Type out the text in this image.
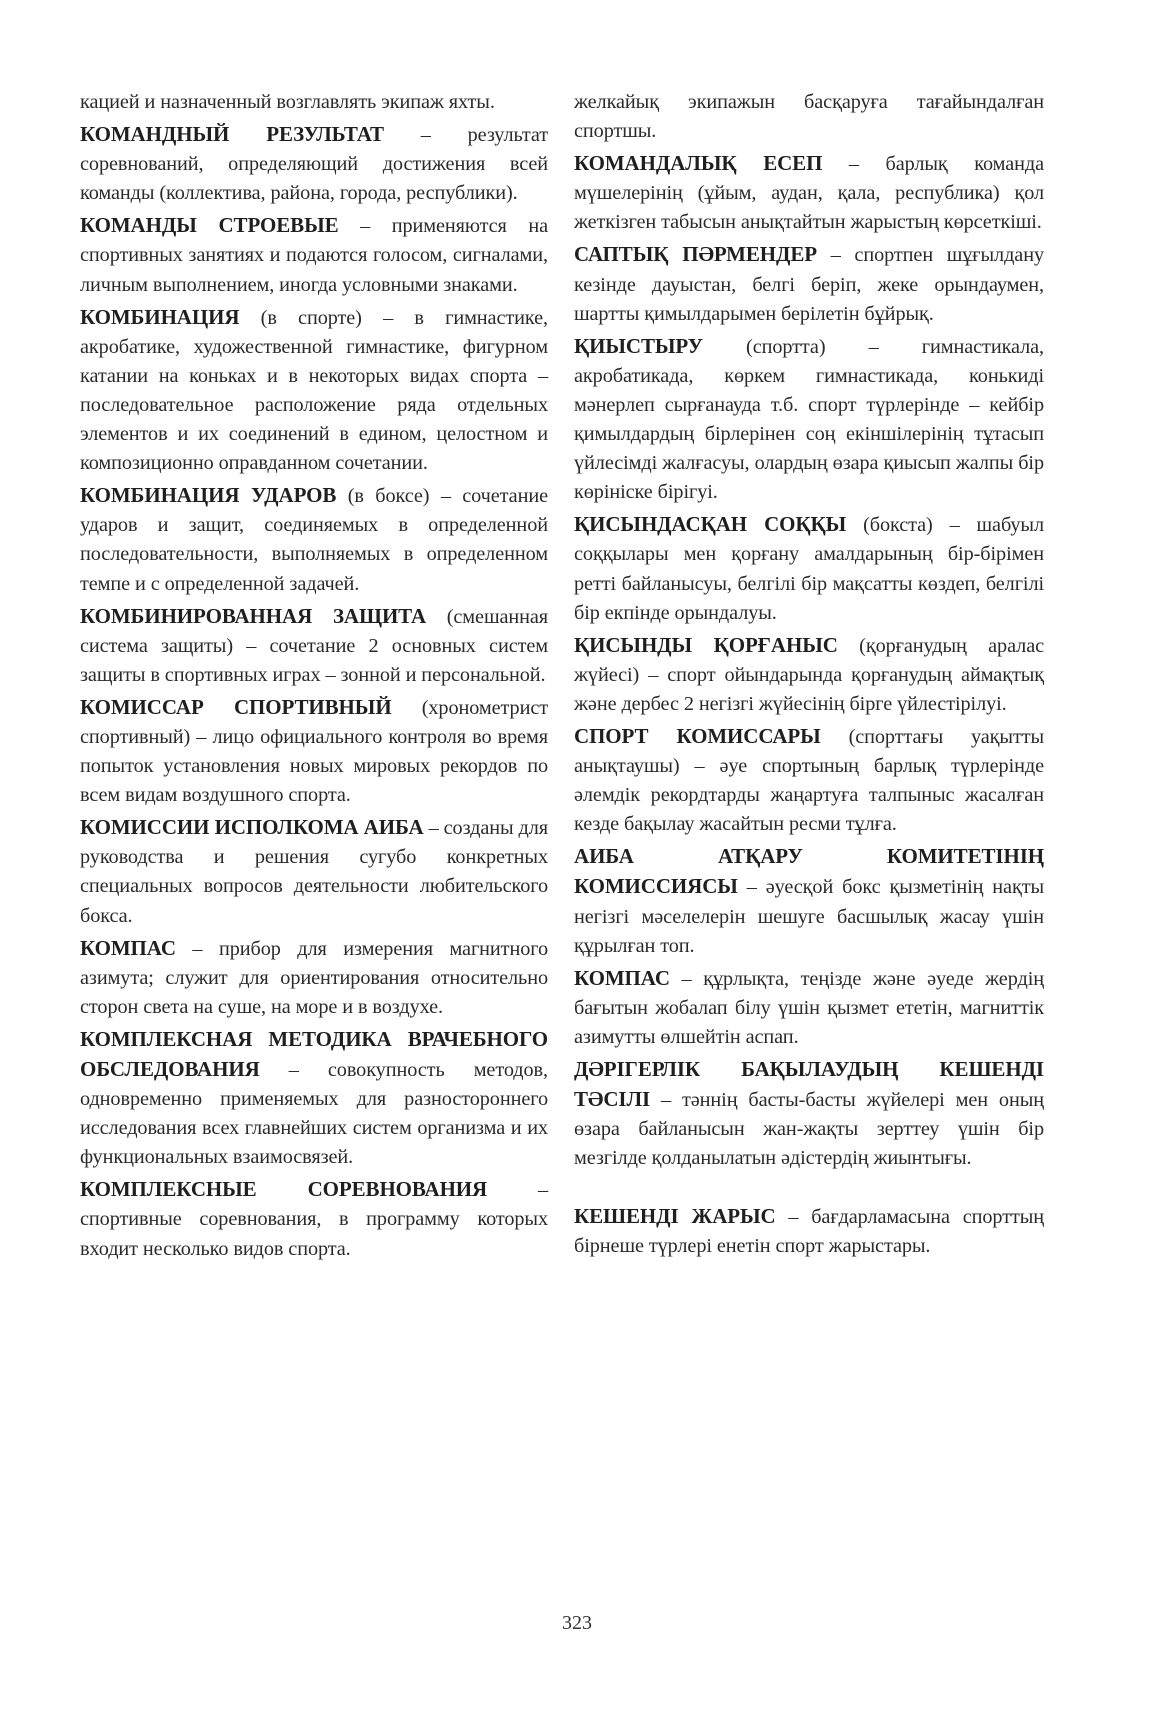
кацией и назначенный возглавлять экипаж яхты.

КОМАНДНЫЙ РЕЗУЛЬТАТ – результат соревнований, определяющий достижения всей команды (коллектива, района, города, республики).

КОМАНДЫ СТРОЕВЫЕ – применяются на спортивных занятиях и подаются голосом, сигналами, личным выполнением, иногда условными знаками.

КОМБИНАЦИЯ (в спорте) – в гимнастике, акробатике, художественной гимнастике, фигурном катании на коньках и в некоторых видах спорта – последовательное расположение ряда отдельных элементов и их соединений в едином, целостном и композиционно оправданном сочетании.

КОМБИНАЦИЯ УДАРОВ (в боксе) – сочетание ударов и защит, соединяемых в определенной последовательности, выполняемых в определенном темпе и с определенной задачей.

КОМБИНИРОВАННАЯ ЗАЩИТА (смешанная система защиты) – сочетание 2 основных систем защиты в спортивных играх – зонной и персональной.

КОМИССАР СПОРТИВНЫЙ (хронометрист спортивный) – лицо официального контроля во время попыток установления новых мировых рекордов по всем видам воздушного спорта.

КОМИССИИ ИСПОЛКОМА АИБА – созданы для руководства и решения сугубо конкретных специальных вопросов деятельности любительского бокса.

КОМПАС – прибор для измерения магнитного азимута; служит для ориентирования относительно сторон света на суше, на море и в воздухе.

КОМПЛЕКСНАЯ МЕТОДИКА ВРАЧЕБНОГО ОБСЛЕДОВАНИЯ – совокупность методов, одновременно применяемых для разностороннего исследования всех главнейших систем организма и их функциональных взаимосвязей.

КОМПЛЕКСНЫЕ СОРЕВНОВАНИЯ – спортивные соревнования, в программу которых входит несколько видов спорта.

желкайық экипажын басқаруға тағайындалған спортшы.

КОМАНДАЛЫҚ ЕСЕП – барлық команда мүшелерінің (ұйым, аудан, қала, республика) қол жеткізген табысын анықтайтын жарыстың көрсеткіші.

САПТЫҚ ПӘРМЕНДЕР – спортпен шұғылдану кезінде дауыстан, белгі беріп, жеке орындаумен, шартты қимылдарымен берілетін бұйрық.

ҚИЫСТЫРУ (спортта) – гимнастикала, акробатикада, көркем гимнастикада, конькиді мәнерлеп сырғанауда т.б. спорт түрлерінде – кейбір қимылдардың бірлерінен соң екіншілерінің тұтасып үйлесімді жалғасуы, олардың өзара қиысып жалпы бір көрініске бірігуі.

ҚИСЫНДАСҚАН СОҚҚЫ (бокста) – шабуыл соққылары мен қорғану амалдарының бір-бірімен ретті байланысуы, белгілі бір мақсатты көздеп, белгілі бір екпінде орындалуы.

ҚИСЫНДЫ ҚОРҒАНЫС (қорғанудың аралас жүйесі) – спорт ойындарында қорғанудың аймақтық және дербес 2 негізгі жүйесінің бірге үйлестірілуі.

СПОРТ КОМИССАРЫ (спорттағы уақытты анықтаушы) – әуе спортының барлық түрлерінде әлемдік рекордтарды жаңартуға талпыныс жасалған кезде бақылау жасайтын ресми тұлға.

АИБА АТҚАРУ КОМИТЕТІНІҢ КОМИССИЯСЫ – әуесқой бокс қызметінің нақты негізгі мәселелерін шешуге басшылық жасау үшін құрылған топ.

КОМПАС – құрлықта, теңізде және әуеде жердің бағытын жобалап білу үшін қызмет ететін, магниттік азимутты өлшейтін аспап.

ДӘРІГЕРЛІК БАҚЫЛАУДЫҢ КЕШЕНДІ ТӘСІЛІ – тәннің басты-басты жүйелері мен оның өзара байланысын жан-жақты зерттеу үшін бір мезгілде қолданылатын әдістердің жиынтығы.

КЕШЕНДІ ЖАРЫС – бағдарламасына спорттың бірнеше түрлері енетін спорт жарыстары.

323
